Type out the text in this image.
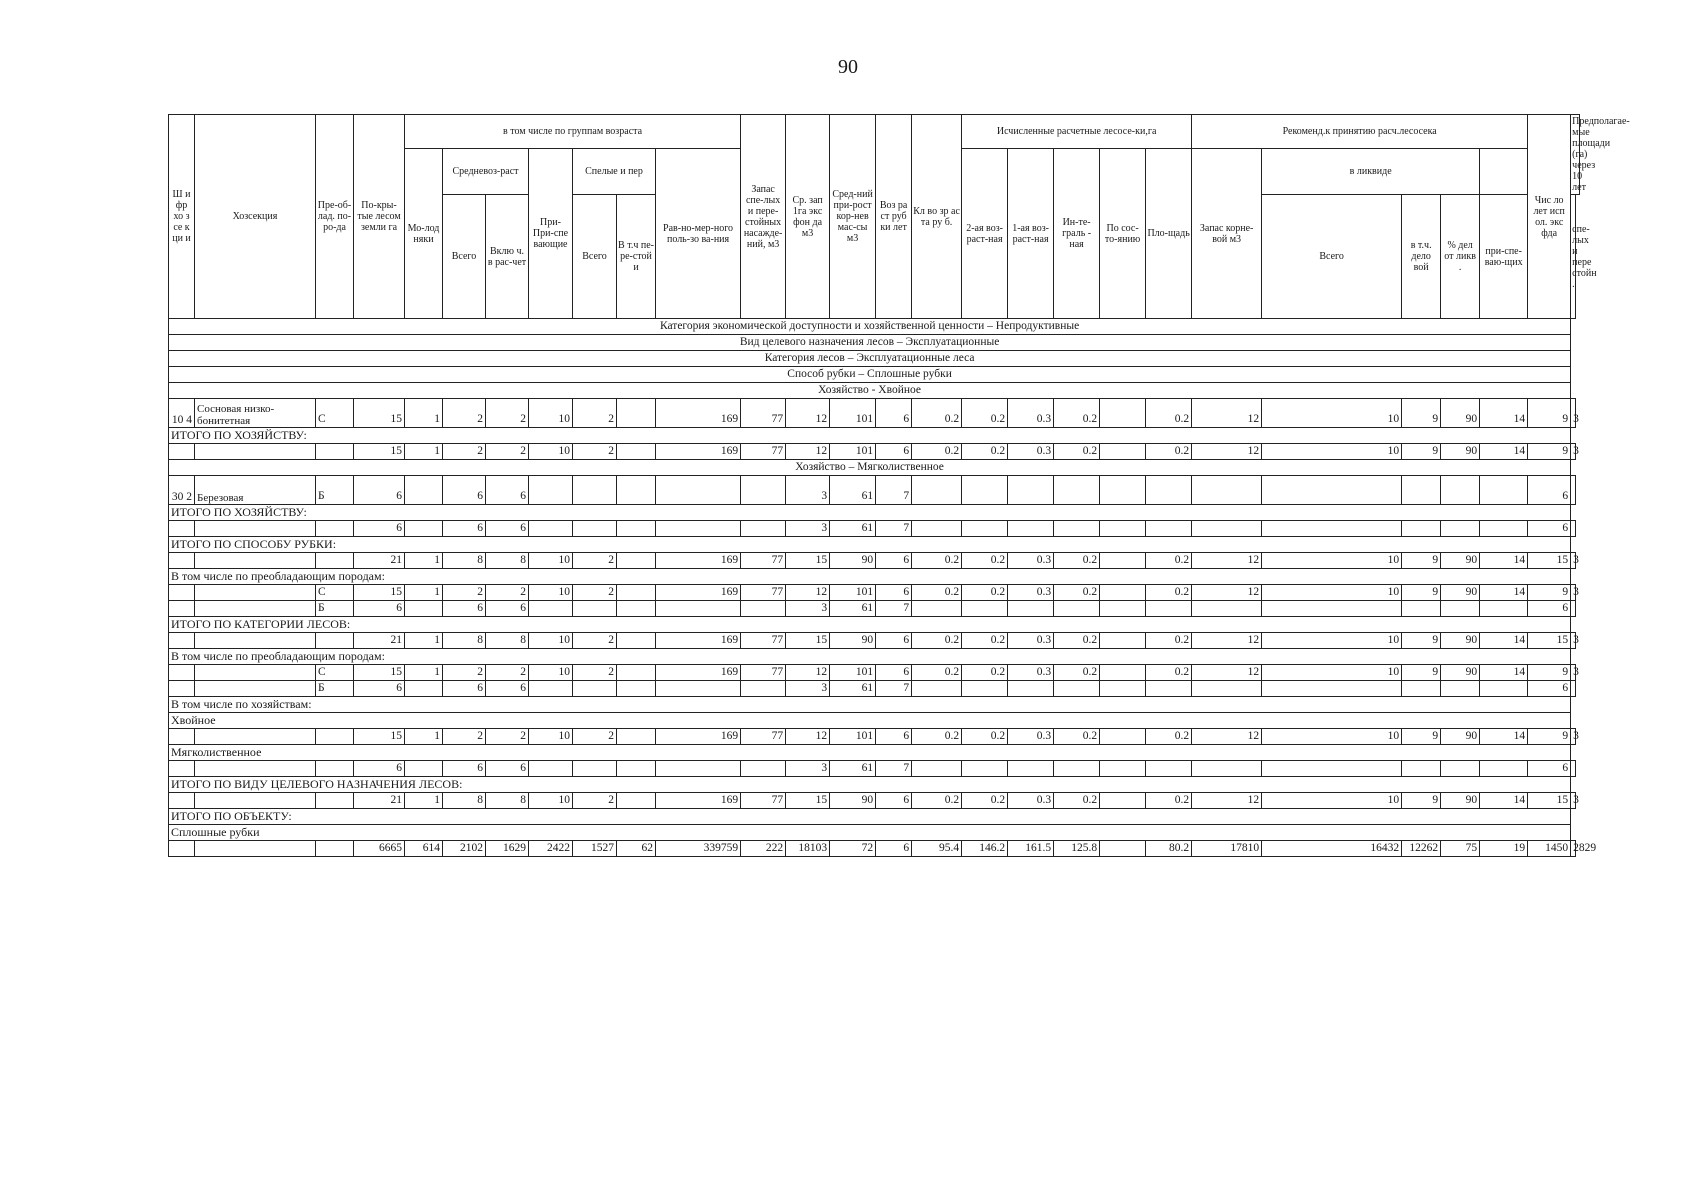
90
Ш и фр хо з се к ци и	Хозсекция	Пре-об-лад. по-ро-да	По-кры-тые лесом земли га	в том числе по группам возраста							Запас спе-лых и пере-стойных насажде-ний, м3	Ср. зап 1га экс фон да м3	Сред-ний при-рост кор-нев мас-сы м3	Воз ра ст руб ки лет	Кл во зр ас та ру б.	Исчисленные расчетные лесосе-ки,га					Рекоменд.к принятию расч.лесосека					Чис ло лет исп ол. экс фда	Предполагае-мые площади (га) через 10 лет
				Мо-лод няки	Средневоз-раст		При- При-спе вающие	Спелые и пер		Рав-но-мер-ного поль-зо ва-ния						2-ая воз-раст-ная	1-ая воз-раст-ная	Ин-те-граль - ная	По сос-то-янию	Пло-щадь	Запас корне-вой м3	в ликвиде					
					Всего	Вклю ч. в рас-чет		Всего	В т.ч пе-ре-стой и													Всего	в т.ч. дело вой	% дел от ликв .	при-спе-ваю-щих		спе-лых и пере стойн .
Категория экономической доступности и хозяйственной ценности – Непродуктивные																											
Вид целевого назначения лесов – Эксплуатационные																											
Категория лесов – Эксплуатационные леса																											
Способ рубки – Сплошные рубки																											
Хозяйство - Хвойное																											
10 4	Сосновая низко-бонитетная	С	15	1	2	2	10	2		169	77	12	101	6	0.2	0.2	0.3	0.2		0.2	12	10	9	90	14	9	3
ИТОГО ПО ХОЗЯЙСТВУ:																											
			15	1	2	2	10	2		169	77	12	101	6	0.2	0.2	0.3	0.2		0.2	12	10	9	90	14	9	3
Хозяйство – Мягколиственное																											
30 2	Березовая	Б	6		6	6						3	61	7												6	
ИТОГО ПО ХОЗЯЙСТВУ:																											
			6		6	6						3	61	7												6	
ИТОГО ПО СПОСОБУ РУБКИ:																											
			21	1	8	8	10	2		169	77	15	90	6	0.2	0.2	0.3	0.2		0.2	12	10	9	90	14	15	3
В том числе по преобладающим породам:																											
		С	15	1	2	2	10	2		169	77	12	101	6	0.2	0.2	0.3	0.2		0.2	12	10	9	90	14	9	3
		Б	6		6	6						3	61	7												6	
ИТОГО ПО КАТЕГОРИИ ЛЕСОВ:																											
			21	1	8	8	10	2		169	77	15	90	6	0.2	0.2	0.3	0.2		0.2	12	10	9	90	14	15	3
В том числе по преобладающим породам:																											
		С	15	1	2	2	10	2		169	77	12	101	6	0.2	0.2	0.3	0.2		0.2	12	10	9	90	14	9	3
		Б	6		6	6						3	61	7												6	
В том числе по хозяйствам:																											
Хвойное																											
			15	1	2	2	10	2		169	77	12	101	6	0.2	0.2	0.3	0.2		0.2	12	10	9	90	14	9	3
Мягколиственное																											
			6		6	6						3	61	7												6	
ИТОГО ПО ВИДУ ЦЕЛЕВОГО НАЗНАЧЕНИЯ ЛЕСОВ:																											
			21	1	8	8	10	2		169	77	15	90	6	0.2	0.2	0.3	0.2		0.2	12	10	9	90	14	15	3
ИТОГО ПО ОБЪЕКТУ:																											
Сплошные рубки																											
			6665	614	2102	1629	2422	1527	62	339759	222	18103	72	6	95.4	146.2	161.5	125.8		80.2	17810	16432	12262	75	19	1450	2829
